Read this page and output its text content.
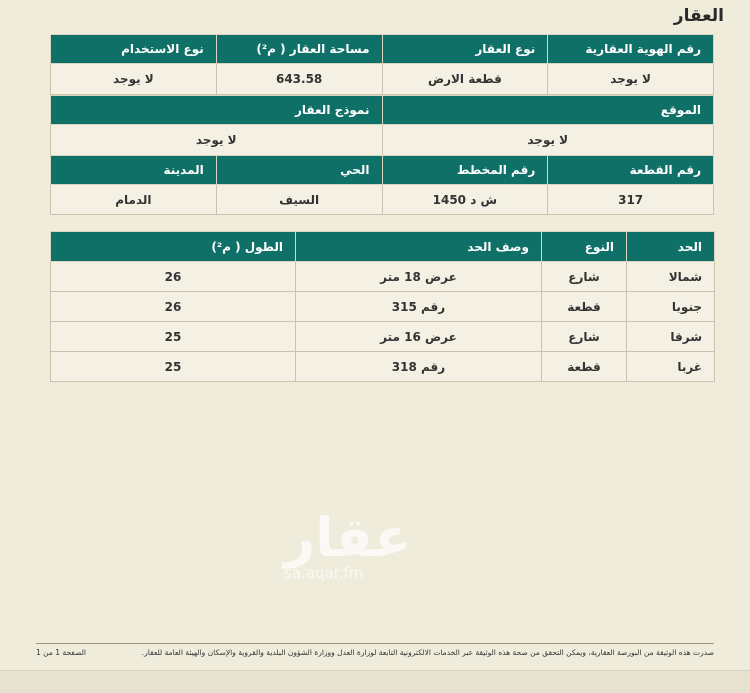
العقار
رقم الهوية العقارية	نوع العقار	مساحة العقار ( م²)	نوع الاستخدام
لا يوجد	قطعة الارض	643.58	لا يوجد
الموقع	نموذج العقار
لا يوجد	لا يوجد
رقم القطعة	رقم المخطط	الحي	المدينة
317	ش د 1450	السيف	الدمام
الحد	النوع	وصف الحد	الطول ( م²)
شمالا	شارع	عرض 18 متر	26
جنوبا	قطعة	رقم 315	26
شرقا	شارع	عرض 16 متر	25
غربا	قطعة	رقم 318	25
عقار
sa.aqar.fm
صدرت هذه الوثيقة من البورصة العقارية، ويمكن التحقق من صحة هذه الوثيقة عبر الخدمات الالكترونية التابعة لوزارة العدل ووزارة الشؤون البلدية والقروية والإسكان والهيئة العامة للعقار.
الصفحة 1 من 1
